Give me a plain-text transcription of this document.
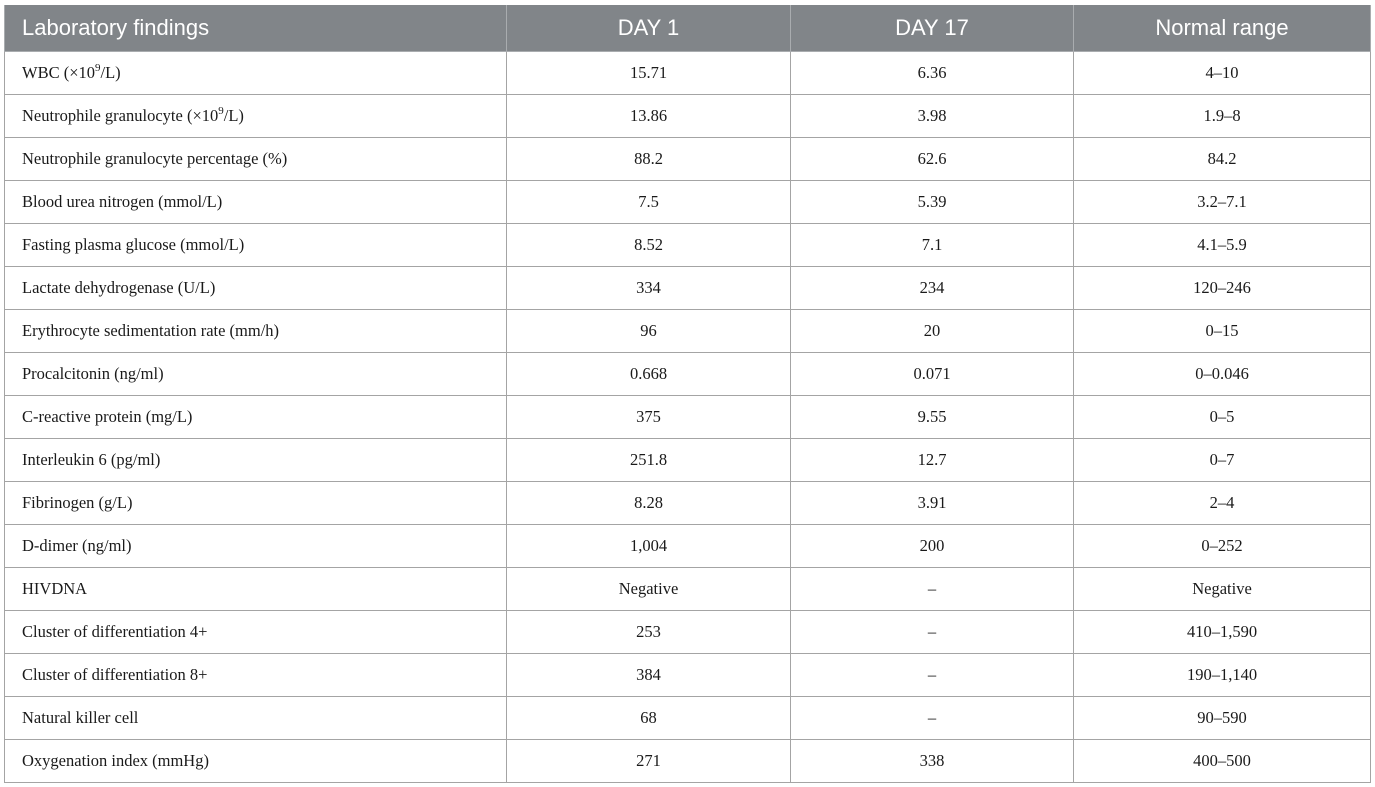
Laboratory findings	DAY 1	DAY 17	Normal range
WBC $(\times 10^9/L)$	15.71	6.36	4–10
Neutrophile granulocyte $(\times 10^9/L)$	13.86	3.98	1.9–8
Neutrophile granulocyte percentage (%)	88.2	62.6	84.2
Blood urea nitrogen (mmol/L)	7.5	5.39	3.2–7.1
Fasting plasma glucose (mmol/L)	8.52	7.1	4.1–5.9
Lactate dehydrogenase (U/L)	334	234	120–246
Erythrocyte sedimentation rate (mm/h)	96	20	0–15
Procalcitonin (ng/ml)	0.668	0.071	0–0.046
C-reactive protein (mg/L)	375	9.55	0–5
Interleukin 6 (pg/ml)	251.8	12.7	0–7
Fibrinogen (g/L)	8.28	3.91	2–4
D-dimer (ng/ml)	1,004	200	0–252
HIVDNA	Negative	–	Negative
Cluster of differentiation 4+	253	–	410–1,590
Cluster of differentiation 8+	384	–	190–1,140
Natural killer cell	68	–	90–590
Oxygenation index (mmHg)	271	338	400–500
